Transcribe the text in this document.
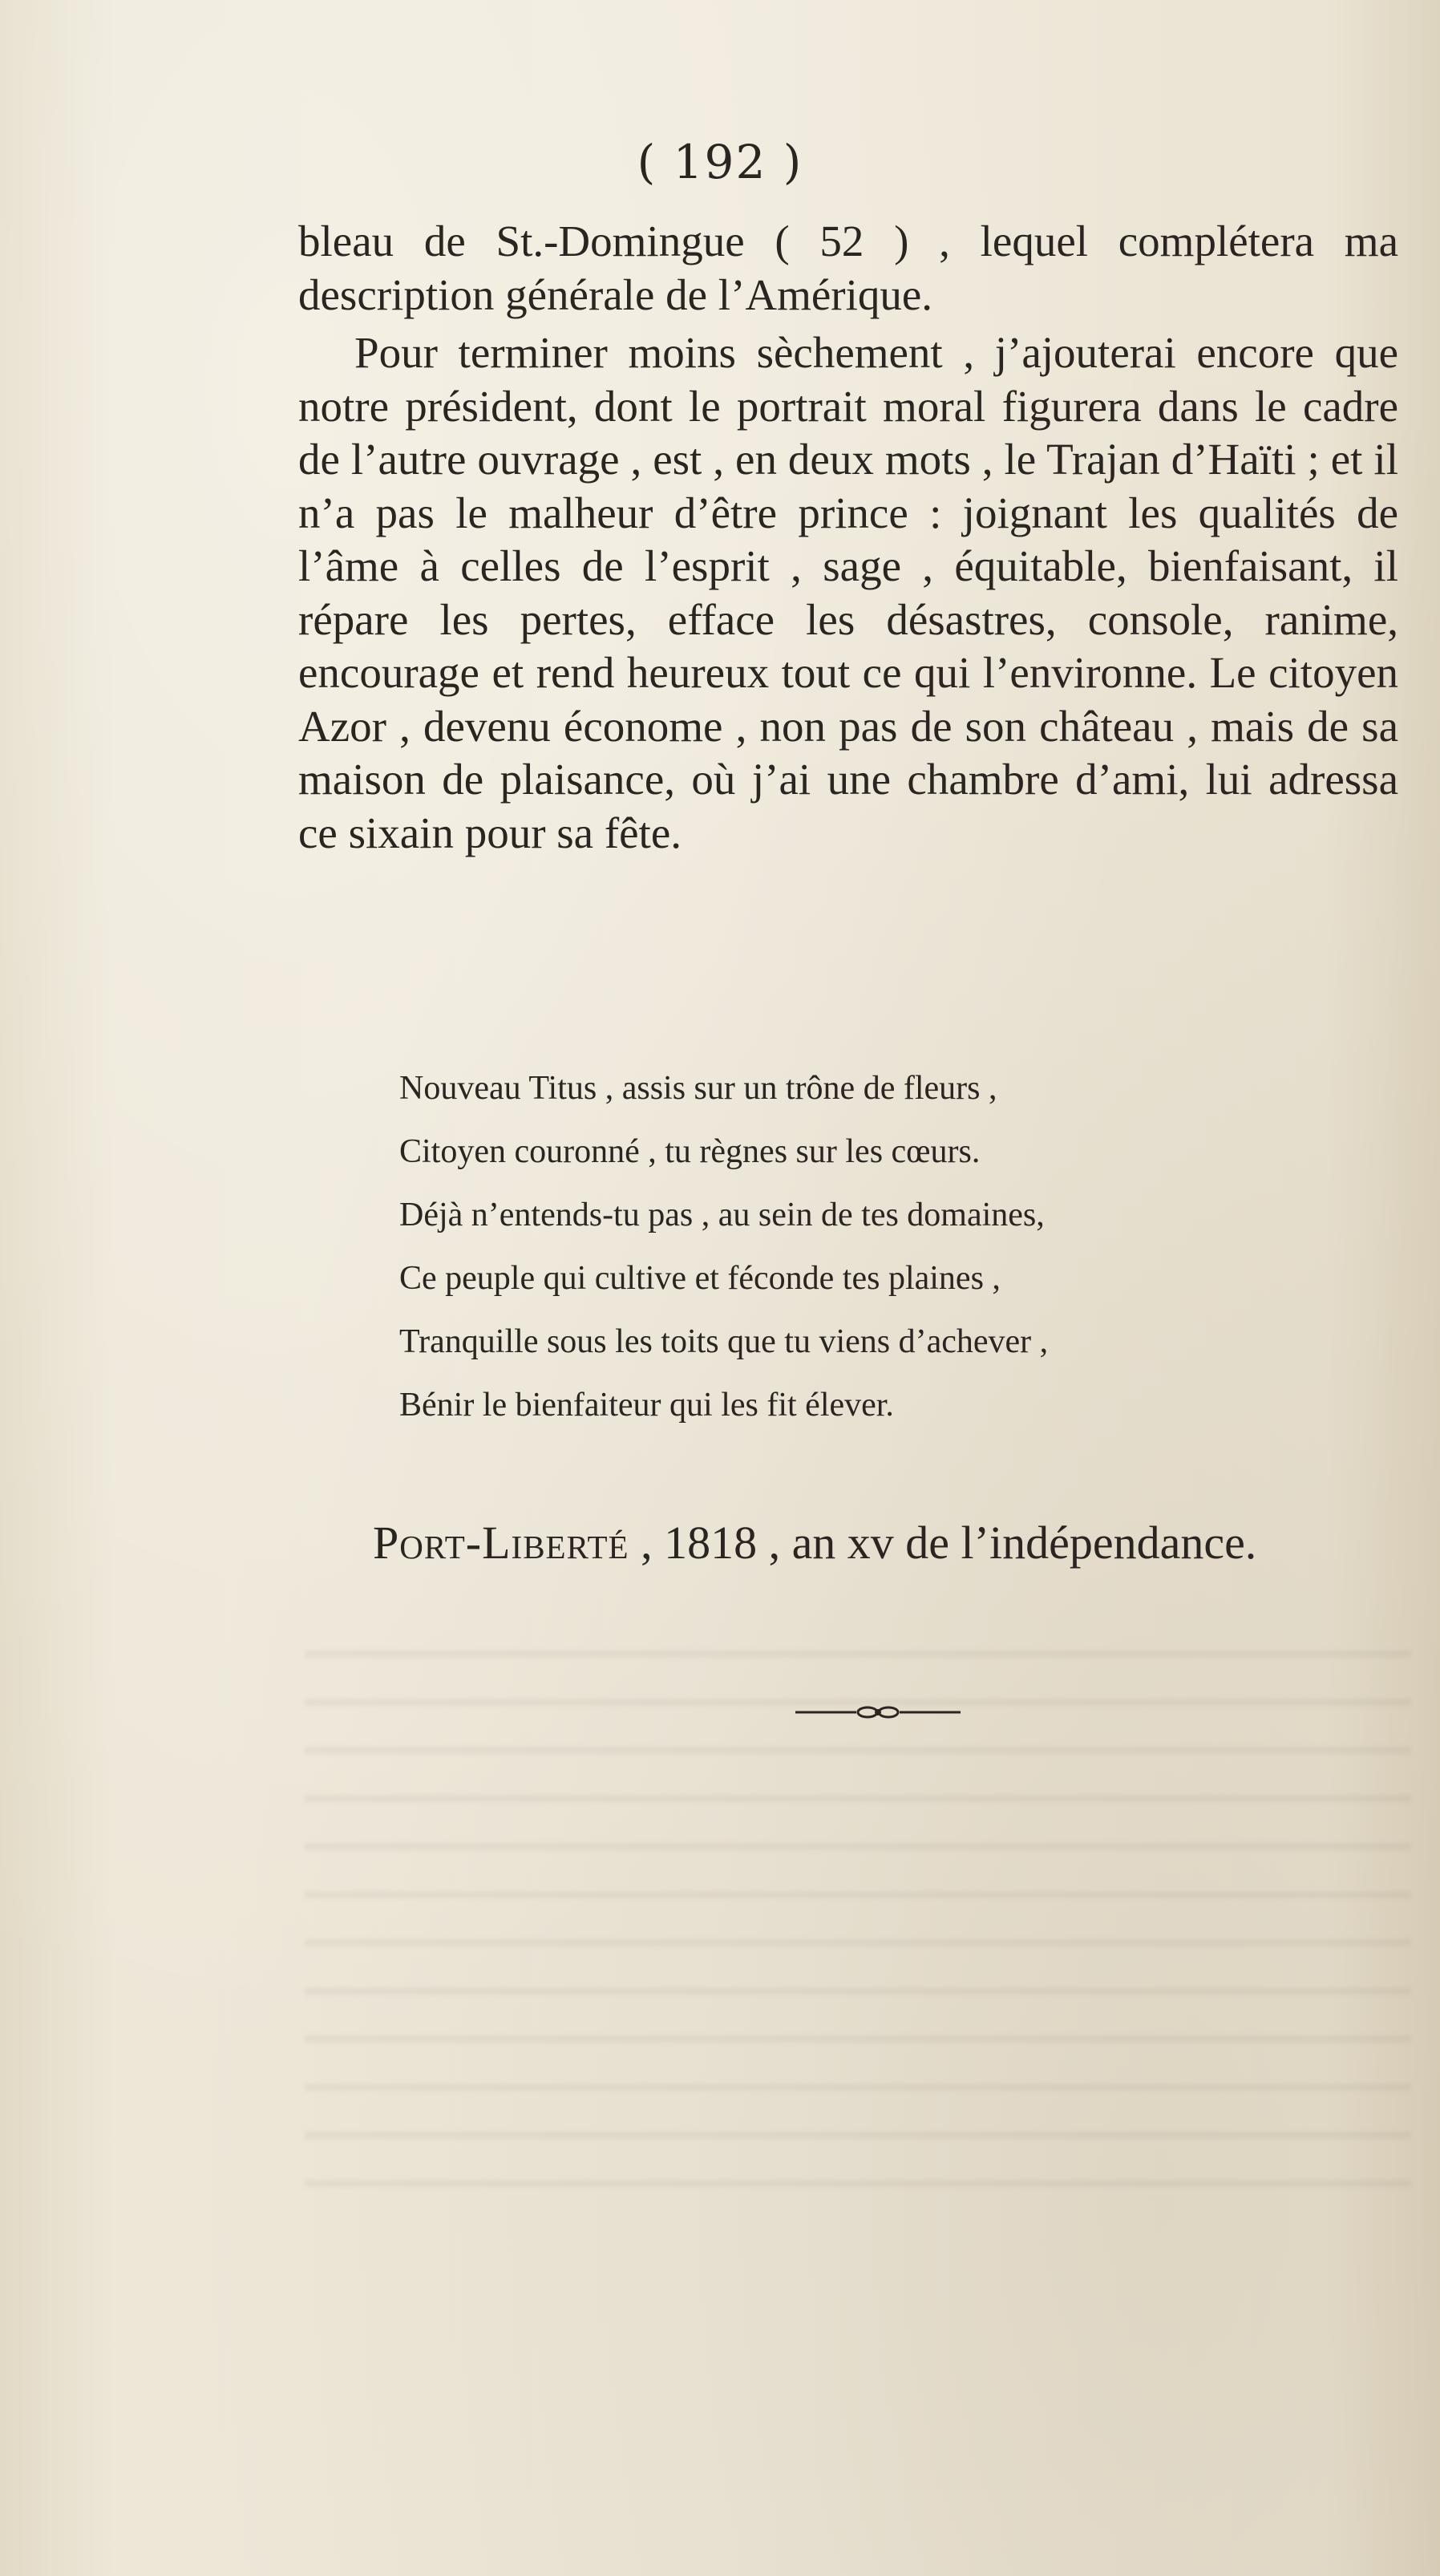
( 192 )

bleau de St.-Domingue ( 52 ) , lequel complétera ma description générale de l’Amérique.

Pour terminer moins sèchement , j’ajouterai encore que notre président, dont le portrait moral figurera dans le cadre de l’autre ouvrage , est , en deux mots , le Trajan d’Haïti ; et il n’a pas le malheur d’être prince : joignant les qualités de l’âme à celles de l’esprit , sage , équitable, bienfaisant, il répare les pertes, efface les désastres, console, ranime, encourage et rend heureux tout ce qui l’environne. Le citoyen Azor , devenu économe , non pas de son château , mais de sa maison de plaisance, où j’ai une chambre d’ami, lui adressa ce sixain pour sa fête.

Nouveau Titus , assis sur un trône de fleurs ,
Citoyen couronné , tu règnes sur les cœurs.
Déjà n’entends-tu pas , au sein de tes domaines,
Ce peuple qui cultive et féconde tes plaines ,
Tranquille sous les toits que tu viens d’achever ,
Bénir le bienfaiteur qui les fit élever.
Port-Liberté , 1818 , an xv de l’indépendance.
